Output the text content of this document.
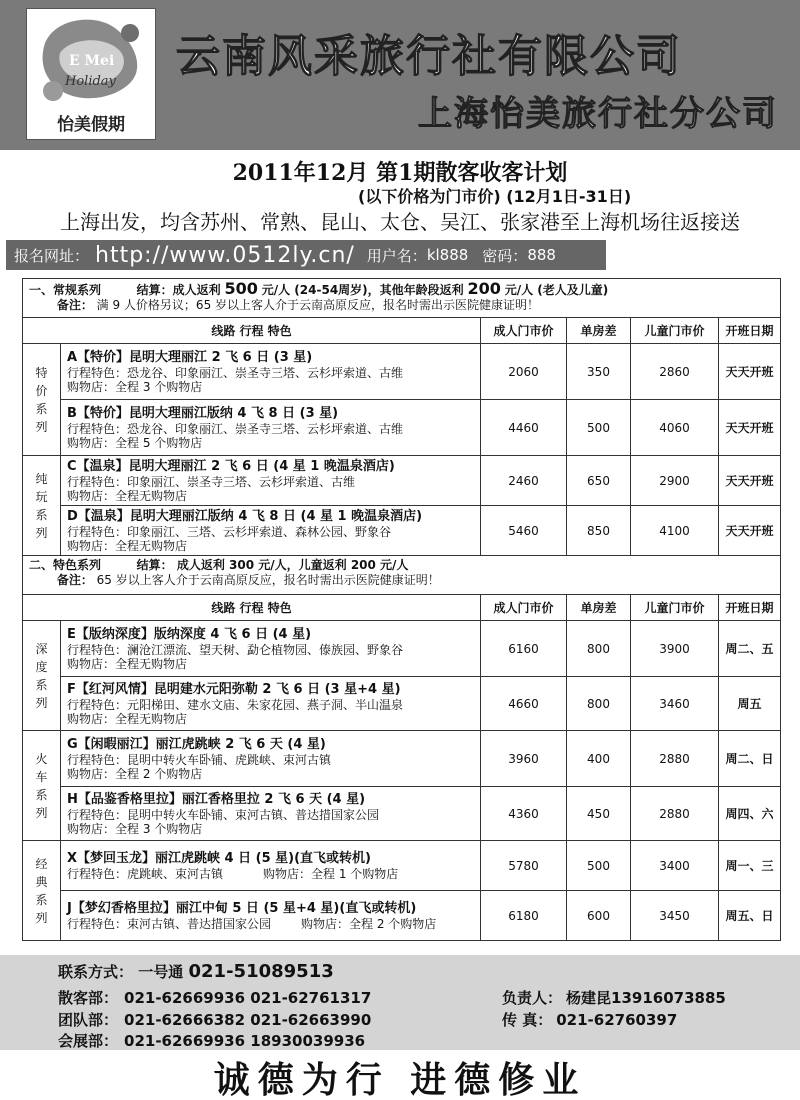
E Mei
Holiday
怡美假期
云南风采旅行社有限公司
上海怡美旅行社分公司
2011年12月 第1期散客收客计划
(以下价格为门市价) (12月1日-31日)
上海出发，均含苏州、常熟、昆山、太仓、吴江、张家港至上海机场往返接送
报名网址： http://www.0512ly.cn/ 用户名： kl888 密码： 888
一、常规系列 结算：成人返利 500 元/人 (24-54周岁)，其他年龄段返利 200 元/人 (老人及儿童)
备注： 满 9 人价格另议；65 岁以上客人介于云南高原反应，报名时需出示医院健康证明！					

线路 行程 特色		成人门市价	单房差	儿童门市价	开班日期

特价系列	A【特价】昆明大理丽江 2 飞 6 日 (3 星)
行程特色：恐龙谷、印象丽江、崇圣寺三塔、云杉坪索道、古维
购物店：全程 3 个购物店	2060	350	2860	天天开班

	B【特价】昆明大理丽江版纳 4 飞 8 日 (3 星)
行程特色：恐龙谷、印象丽江、崇圣寺三塔、云杉坪索道、古维
购物店：全程 5 个购物店	4460	500	4060	天天开班

纯玩系列	C【温泉】昆明大理丽江 2 飞 6 日 (4 星 1 晚温泉酒店)
行程特色：印象丽江、崇圣寺三塔、云杉坪索道、古维
购物店：全程无购物店	2460	650	2900	天天开班

	D【温泉】昆明大理丽江版纳 4 飞 8 日 (4 星 1 晚温泉酒店)
行程特色：印象丽江、三塔、云杉坪索道、森林公园、野象谷
购物店：全程无购物店	5460	850	4100	天天开班

二、特色系列 结算： 成人返利 300 元/人，儿童返利 200 元/人
备注： 65 岁以上客人介于云南高原反应，报名时需出示医院健康证明！					

线路 行程 特色		成人门市价	单房差	儿童门市价	开班日期

深度系列	E【版纳深度】版纳深度 4 飞 6 日 (4 星)
行程特色：澜沧江漂流、望天树、勐仑植物园、傣族园、野象谷
购物店：全程无购物店	6160	800	3900	周二、五

	F【红河风情】昆明建水元阳弥勒 2 飞 6 日 (3 星+4 星)
行程特色：元阳梯田、建水文庙、朱家花园、燕子洞、半山温泉
购物店：全程无购物店	4660	800	3460	周五

火车系列	G【闲暇丽江】丽江虎跳峡 2 飞 6 天 (4 星)
行程特色：昆明中转火车卧铺、虎跳峡、束河古镇
购物店：全程 2 个购物店	3960	400	2880	周二、日

	H【品鉴香格里拉】丽江香格里拉 2 飞 6 天 (4 星)
行程特色：昆明中转火车卧铺、束河古镇、普达措国家公园
购物店：全程 3 个购物店	4360	450	2880	周四、六

经典系列	X【梦回玉龙】丽江虎跳峡 4 日 (5 星)(直飞或转机)
行程特色：虎跳峡、束河古镇 购物店：全程 1 个购物店	5780	500	3400	周一、三

	J【梦幻香格里拉】丽江中甸 5 日 (5 星+4 星)(直飞或转机)
行程特色：束河古镇、普达措国家公园 购物店：全程 2 个购物店	6180	600	3450	周五、日
联系方式： 一号通 021-51089513
散客部： 021-62669936 021-62761317
团队部： 021-62666382 021-62663990
会展部： 021-62669936 18930039936
负责人： 杨建昆13916073885
传 真： 021-62760397
诚德为行 进德修业
